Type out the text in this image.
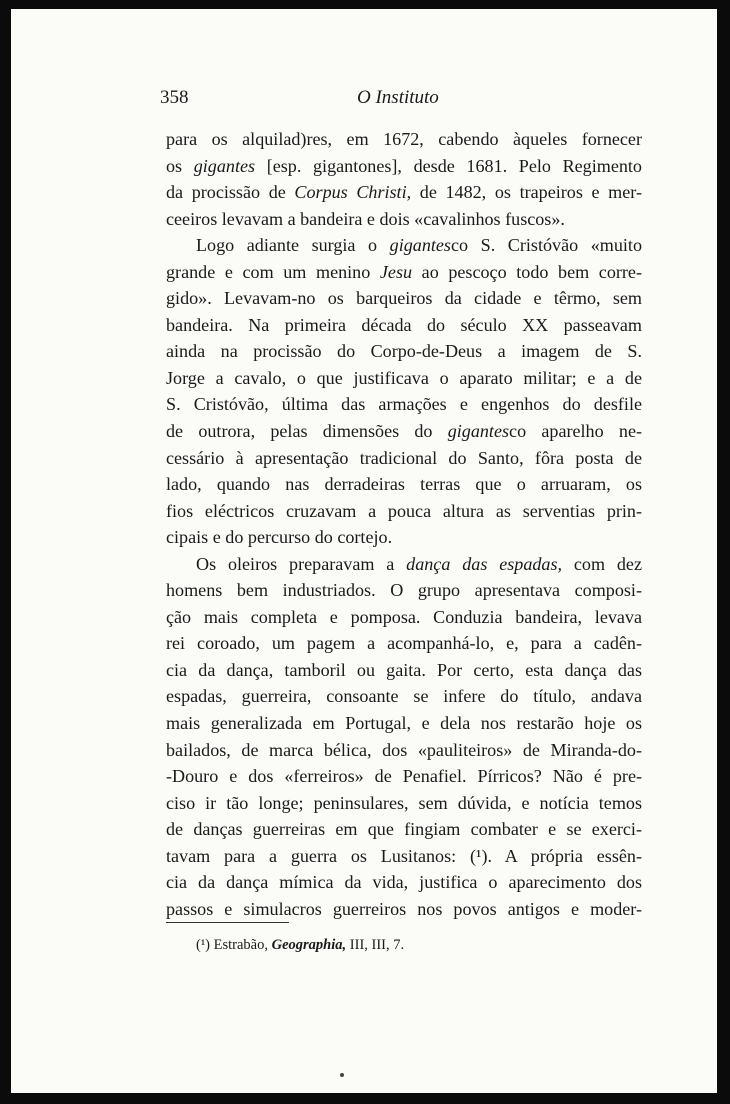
358	O Instituto
para os alquilad)res, em 1672, cabendo àqueles fornecer
os gigantes [esp. gigantones], desde 1681. Pelo Regimento
da procissão de Corpus Christi, de 1482, os trapeiros e mer-
ceeiros levavam a bandeira e dois «cavalinhos fuscos».
Logo adiante surgia o gigantesco S. Cristóvão «muito
grande e com um menino Jesu ao pescoço todo bem corre-
gido». Levavam-no os barqueiros da cidade e têrmo, sem
bandeira. Na primeira década do século XX passeavam
ainda na procissão do Corpo-de-Deus a imagem de S.
Jorge a cavalo, o que justificava o aparato militar; e a de
S. Cristóvão, última das armações e engenhos do desfile
de outrora, pelas dimensões do gigantesco aparelho ne-
cessário à apresentação tradicional do Santo, fôra posta de
lado, quando nas derradeiras terras que o arruaram, os
fios eléctricos cruzavam a pouca altura as serventias prin-
cipais e do percurso do cortejo.
Os oleiros preparavam a dança das espadas, com dez
homens bem industriados. O grupo apresentava composi-
ção mais completa e pomposa. Conduzia bandeira, levava
rei coroado, um pagem a acompanhá-lo, e, para a cadên-
cia da dança, tamboril ou gaita. Por certo, esta dança das
espadas, guerreira, consoante se infere do título, andava
mais generalizada em Portugal, e dela nos restarão hoje os
bailados, de marca bélica, dos «pauliteiros» de Miranda-do-
-Douro e dos «ferreiros» de Penafiel. Pírricos? Não é pre-
ciso ir tão longe; peninsulares, sem dúvida, e notícia temos
de danças guerreiras em que fingiam combater e se exerci-
tavam para a guerra os Lusitanos: (¹). A própria essên-
cia da dança mímica da vida, justifica o aparecimento dos
passos e simulacros guerreiros nos povos antigos e moder-
(¹) Estrabão, Geographia, III, III, 7.
